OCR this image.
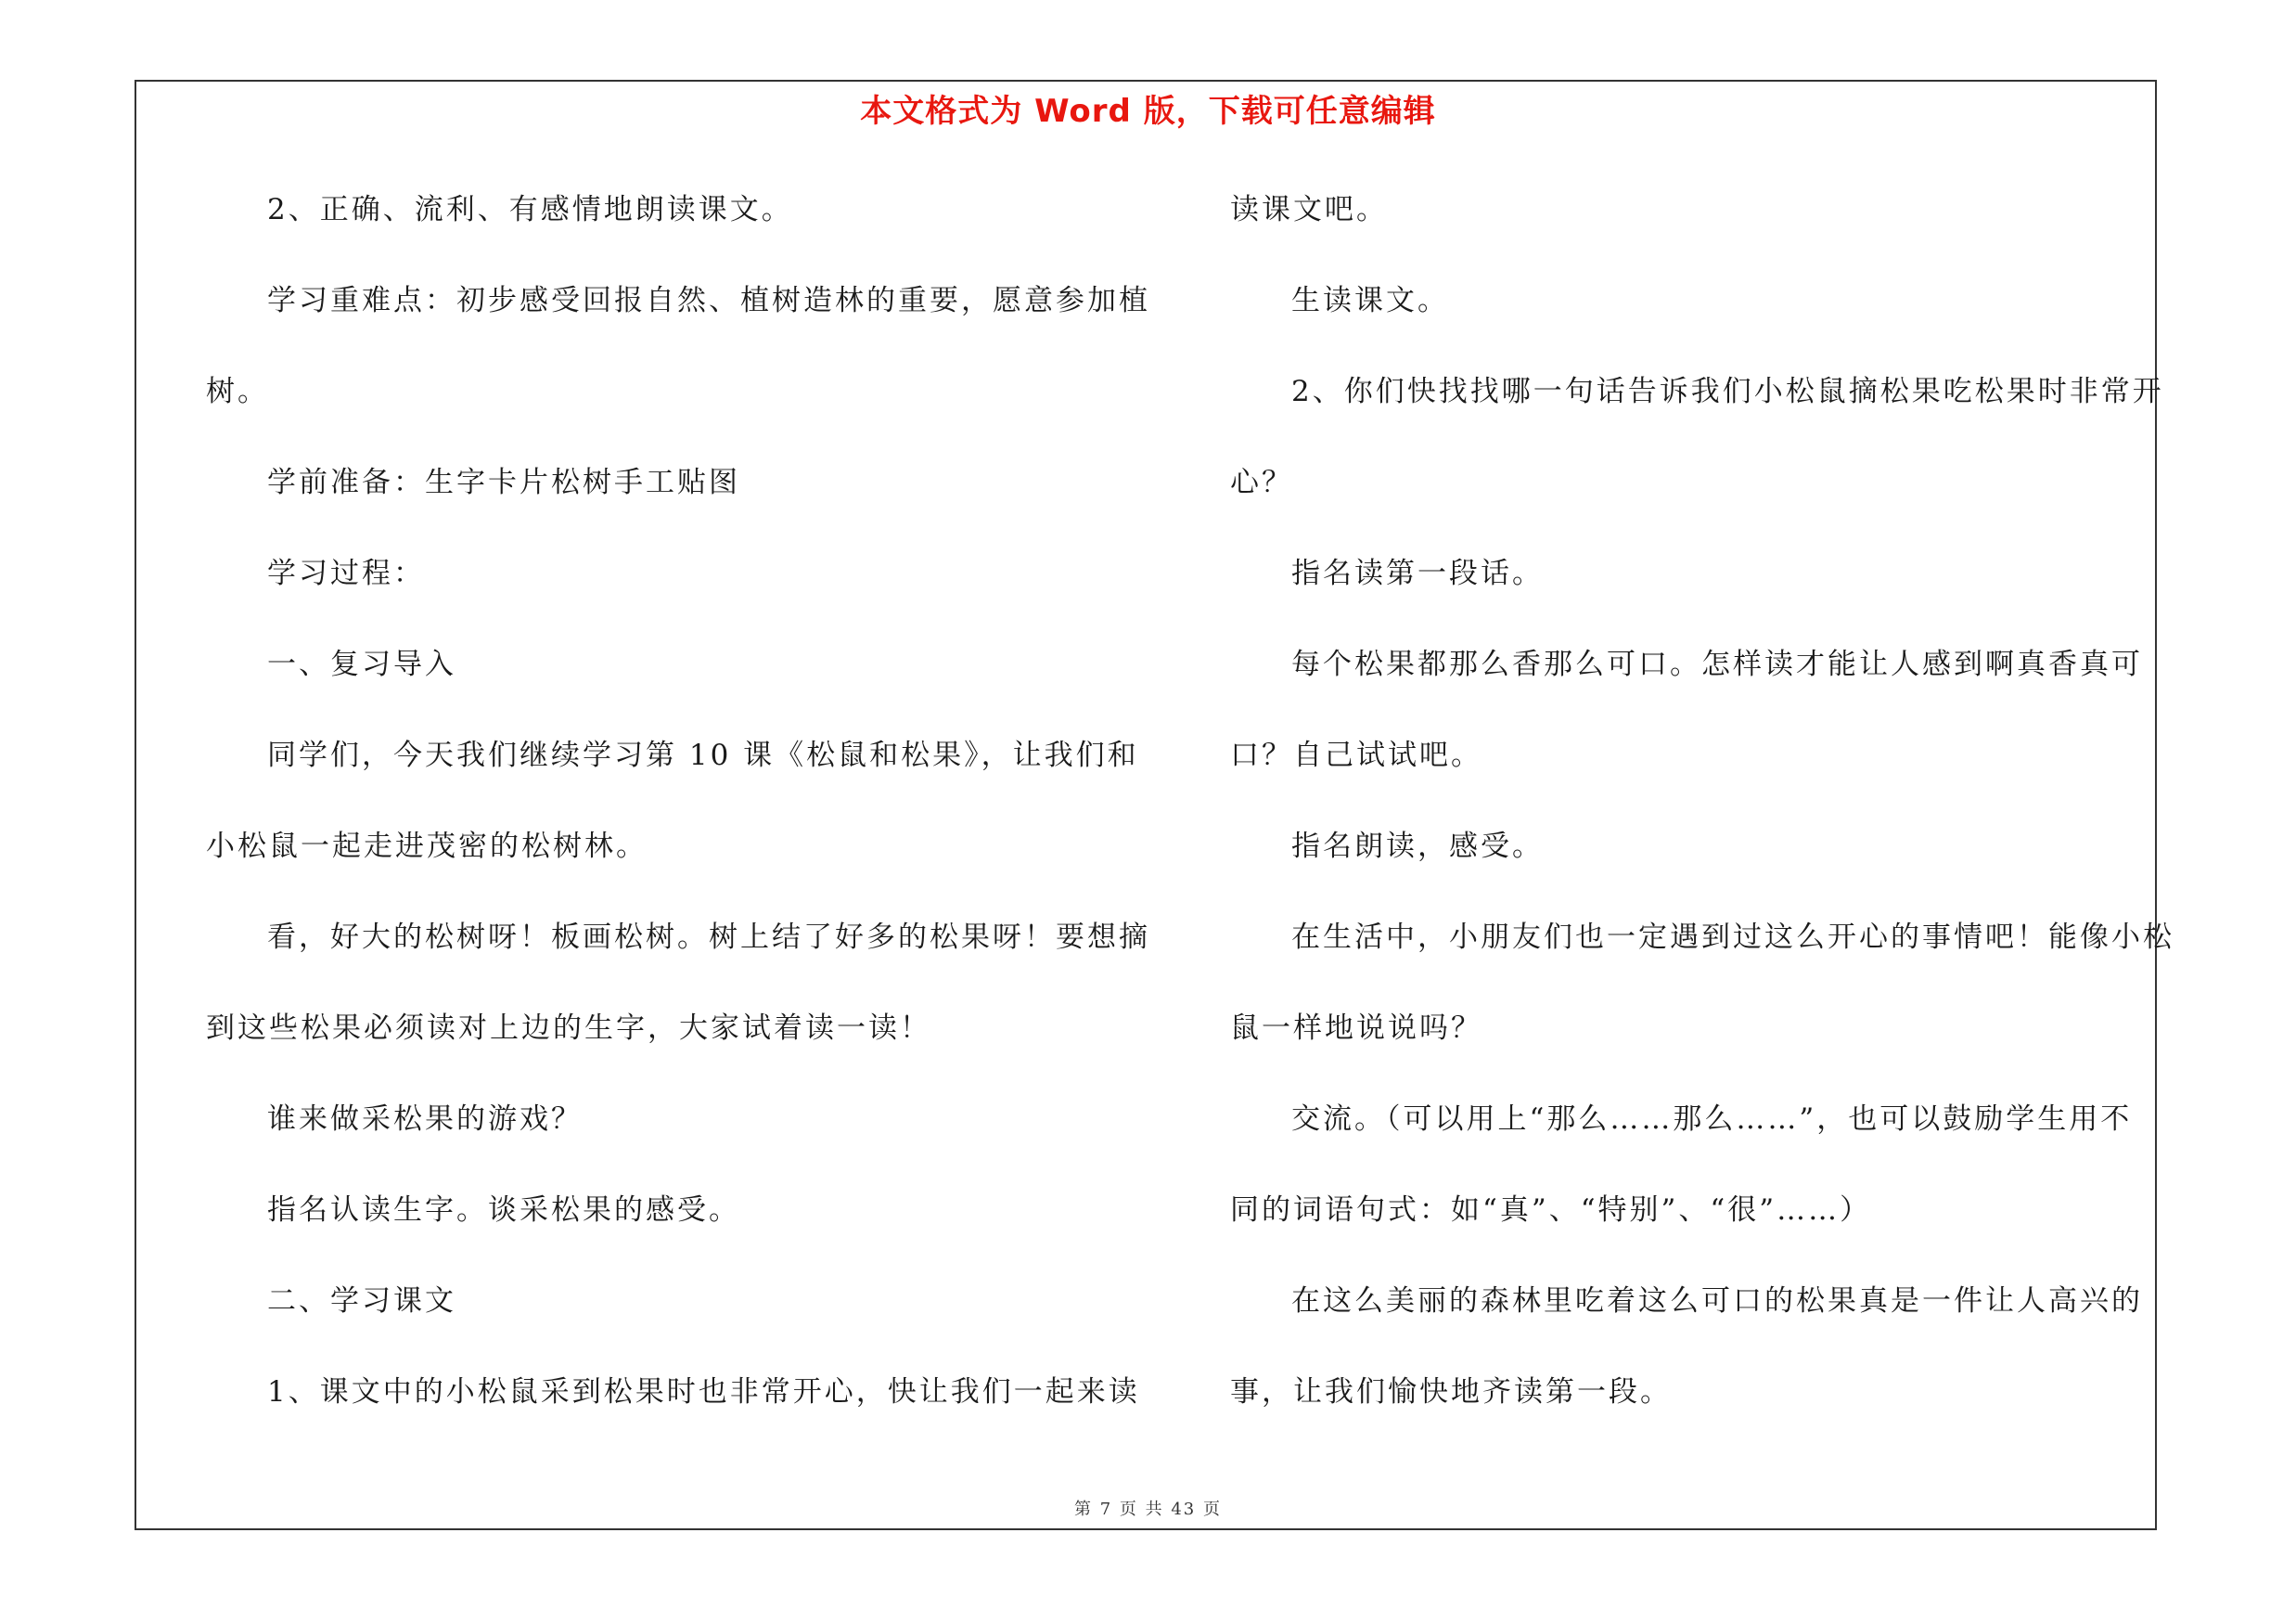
本文格式为 Word 版，下载可任意编辑
2、正确、流利、有感情地朗读课文。
学习重难点：初步感受回报自然、植树造林的重要，愿意参加植
树。
学前准备：生字卡片松树手工贴图
学习过程：
一、复习导入
同学们，今天我们继续学习第 10 课《松鼠和松果》，让我们和
小松鼠一起走进茂密的松树林。
看，好大的松树呀！板画松树。树上结了好多的松果呀！要想摘
到这些松果必须读对上边的生字，大家试着读一读！
谁来做采松果的游戏？
指名认读生字。谈采松果的感受。
二、学习课文
1、课文中的小松鼠采到松果时也非常开心，快让我们一起来读
读课文吧。
生读课文。
2、你们快找找哪一句话告诉我们小松鼠摘松果吃松果时非常开
心？
指名读第一段话。
每个松果都那么香那么可口。怎样读才能让人感到啊真香真可
口？自己试试吧。
指名朗读，感受。
在生活中，小朋友们也一定遇到过这么开心的事情吧！能像小松
鼠一样地说说吗？
交流。（可以用上“那么……那么……”，也可以鼓励学生用不
同的词语句式：如“真”、“特别”、“很”……）
在这么美丽的森林里吃着这么可口的松果真是一件让人高兴的
事，让我们愉快地齐读第一段。
第 7 页 共 43 页
